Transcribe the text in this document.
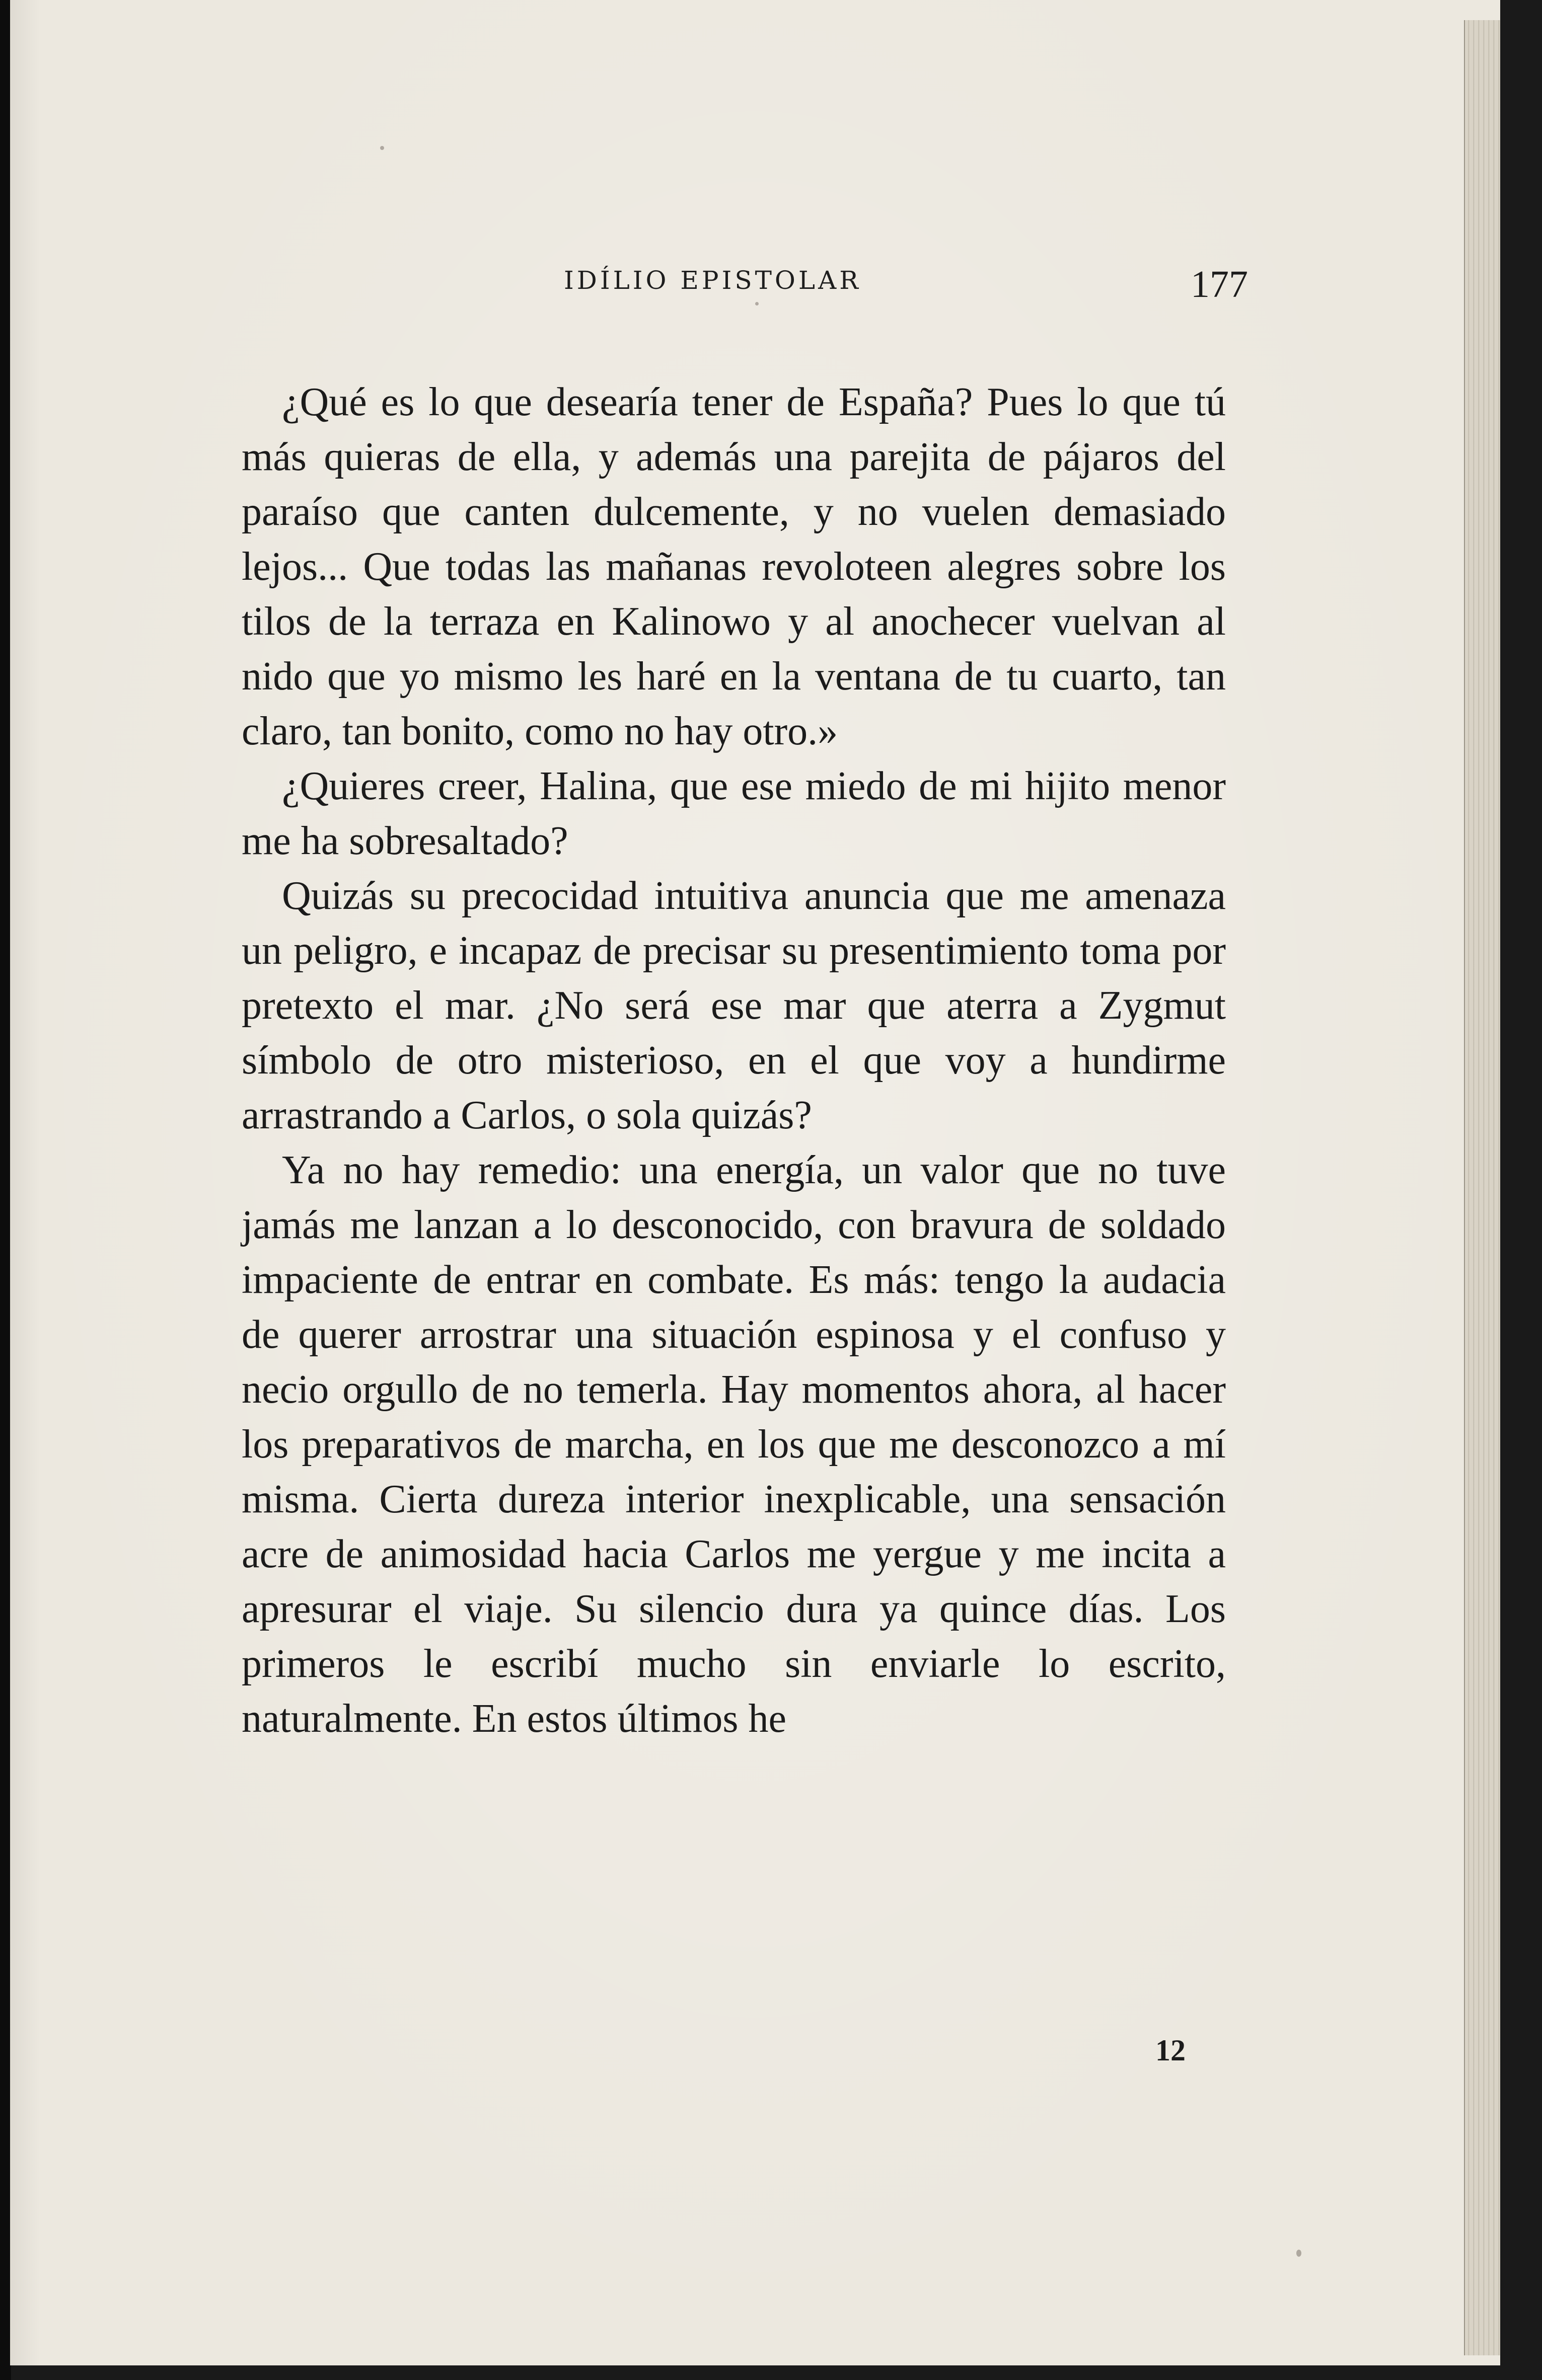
IDÍLIO EPISTOLAR	177

¿Qué es lo que desearía tener de España? Pues lo que tú más quieras de ella, y además una parejita de pájaros del paraíso que canten dulcemente, y no vuelen demasiado lejos... Que todas las mañanas revoloteen alegres sobre los tilos de la terraza en Kalinowo y al anochecer vuelvan al nido que yo mismo les haré en la ventana de tu cuarto, tan claro, tan bonito, como no hay otro.»

¿Quieres creer, Halina, que ese miedo de mi hijito menor me ha sobresaltado?

Quizás su precocidad intuitiva anuncia que me amenaza un peligro, e incapaz de precisar su presentimiento toma por pretexto el mar. ¿No será ese mar que aterra a Zygmut símbolo de otro misterioso, en el que voy a hundirme arrastrando a Carlos, o sola quizás?

Ya no hay remedio: una energía, un valor que no tuve jamás me lanzan a lo desconocido, con bravura de soldado impaciente de entrar en combate. Es más: tengo la audacia de querer arrostrar una situación espinosa y el confuso y necio orgullo de no temerla. Hay momentos ahora, al hacer los preparativos de marcha, en los que me desconozco a mí misma. Cierta dureza interior inexplicable, una sensación acre de animosidad hacia Carlos me yergue y me incita a apresurar el viaje. Su silencio dura ya quince días. Los primeros le escribí mucho sin enviarle lo escrito, naturalmente. En estos últimos he

12
